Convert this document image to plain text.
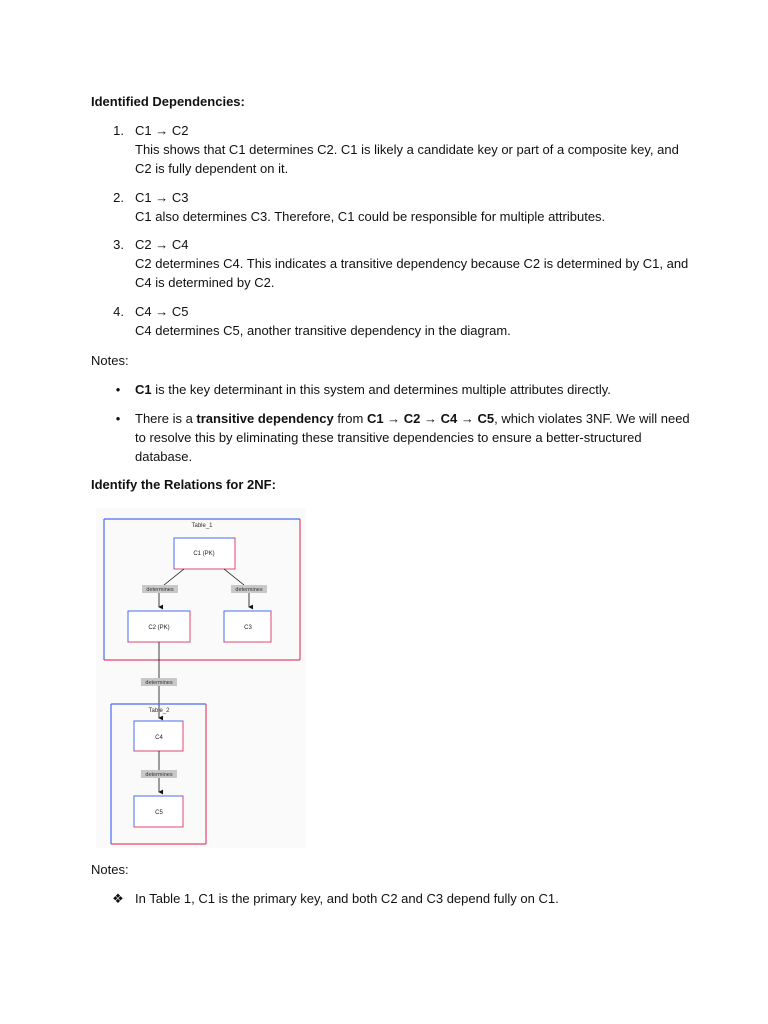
Identified Dependencies:
1. C1 → C2
This shows that C1 determines C2. C1 is likely a candidate key or part of a composite key, and C2 is fully dependent on it.
2. C1 → C3
C1 also determines C3. Therefore, C1 could be responsible for multiple attributes.
3. C2 → C4
C2 determines C4. This indicates a transitive dependency because C2 is determined by C1, and C4 is determined by C2.
4. C4 → C5
C4 determines C5, another transitive dependency in the diagram.
Notes:
•	C1 is the key determinant in this system and determines multiple attributes directly.
•	There is a transitive dependency from C1 → C2 → C4 → C5, which violates 3NF. We will need to resolve this by eliminating these transitive dependencies to ensure a better-structured database.
Identify the Relations for 2NF:
Table_1
C1 (PK)
determines	determines
C2 (PK)	C3
determines
Table_2
C4
determines
C5
Notes:
❖ In Table 1, C1 is the primary key, and both C2 and C3 depend fully on C1.
